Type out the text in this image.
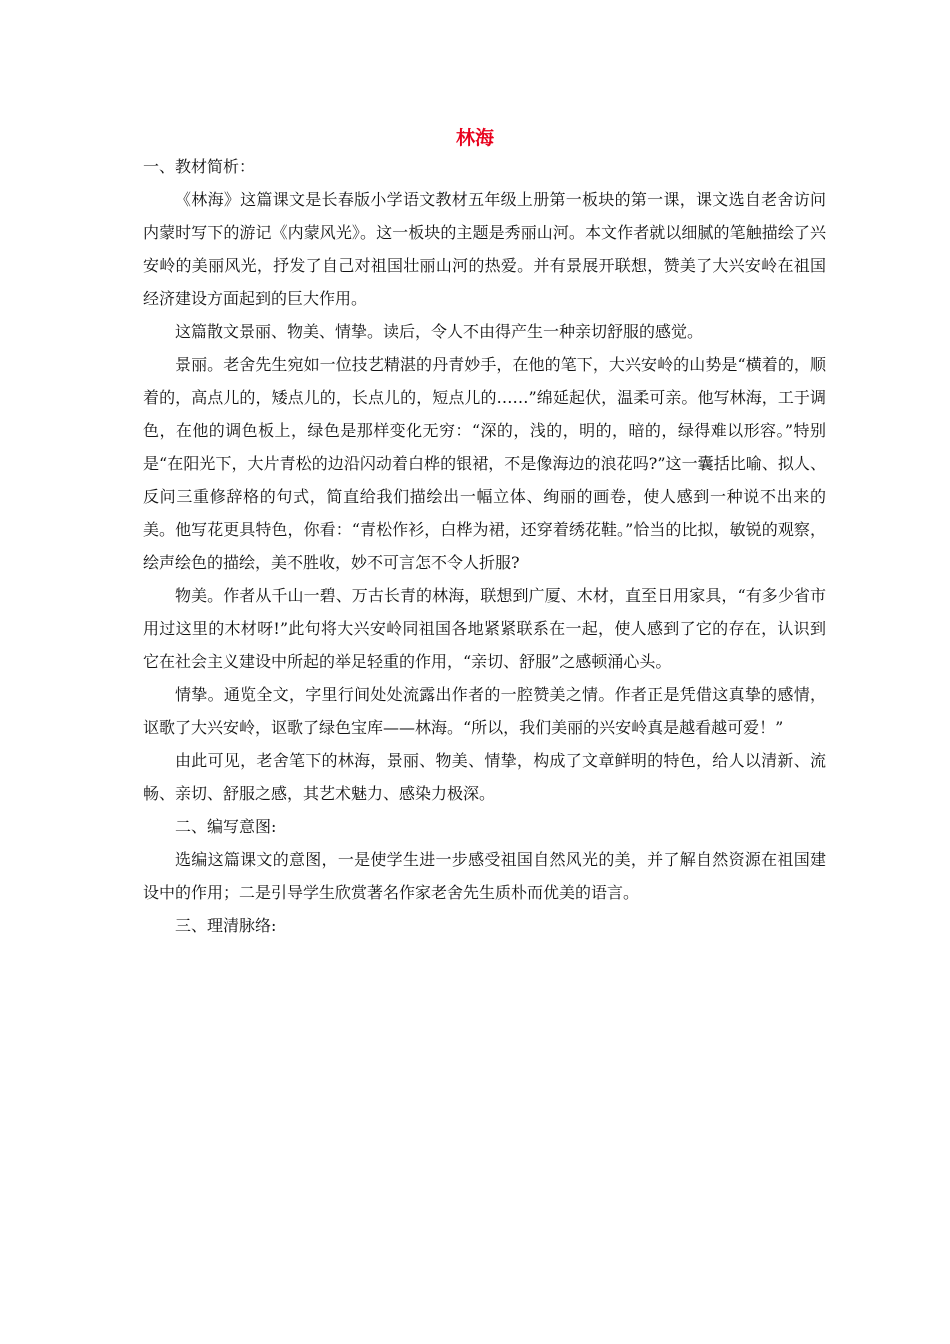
林海

一、教材简析：

《林海》这篇课文是长春版小学语文教材五年级上册第一板块的第一课，课文选自老舍访问内蒙时写下的游记《内蒙风光》。这一板块的主题是秀丽山河。本文作者就以细腻的笔触描绘了兴安岭的美丽风光，抒发了自己对祖国壮丽山河的热爱。并有景展开联想，赞美了大兴安岭在祖国经济建设方面起到的巨大作用。

这篇散文景丽、物美、情挚。读后，令人不由得产生一种亲切舒服的感觉。

景丽。老舍先生宛如一位技艺精湛的丹青妙手，在他的笔下，大兴安岭的山势是“横着的，顺着的，高点儿的，矮点儿的，长点儿的，短点儿的……”绵延起伏，温柔可亲。他写林海，工于调色，在他的调色板上，绿色是那样变化无穷：“深的，浅的，明的，暗的，绿得难以形容。”特别是“在阳光下，大片青松的边沿闪动着白桦的银裙，不是像海边的浪花吗?”这一囊括比喻、拟人、反问三重修辞格的句式，简直给我们描绘出一幅立体、绚丽的画卷，使人感到一种说不出来的美。他写花更具特色，你看：“青松作衫，白桦为裙，还穿着绣花鞋。”恰当的比拟，敏锐的观察，绘声绘色的描绘，美不胜收，妙不可言怎不令人折服?

物美。作者从千山一碧、万古长青的林海，联想到广厦、木材，直至日用家具，“有多少省市用过这里的木材呀!”此句将大兴安岭同祖国各地紧紧联系在一起，使人感到了它的存在，认识到它在社会主义建设中所起的举足轻重的作用，“亲切、舒服”之感顿涌心头。

情挚。通览全文，字里行间处处流露出作者的一腔赞美之情。作者正是凭借这真挚的感情，讴歌了大兴安岭，讴歌了绿色宝库——林海。“所以，我们美丽的兴安岭真是越看越可爱！”

由此可见，老舍笔下的林海，景丽、物美、情挚，构成了文章鲜明的特色，给人以清新、流畅、亲切、舒服之感，其艺术魅力、感染力极深。

二、编写意图:

选编这篇课文的意图，一是使学生进一步感受祖国自然风光的美，并了解自然资源在祖国建设中的作用；二是引导学生欣赏著名作家老舍先生质朴而优美的语言。

三、理清脉络:
